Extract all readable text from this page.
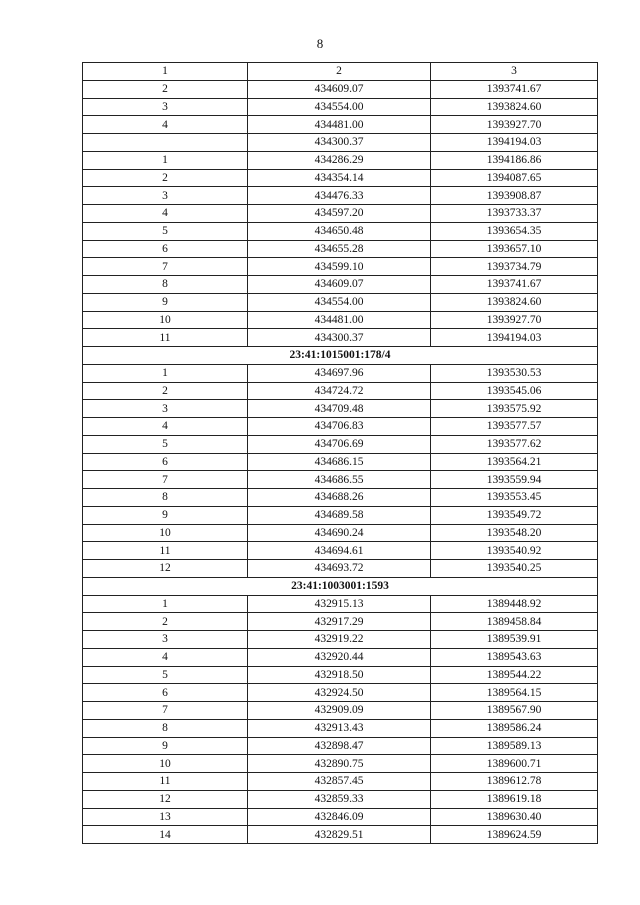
8
1	2	3
2	434609.07	1393741.67
3	434554.00	1393824.60
4	434481.00	1393927.70
	434300.37	1394194.03
1	434286.29	1394186.86
2	434354.14	1394087.65
3	434476.33	1393908.87
4	434597.20	1393733.37
5	434650.48	1393654.35
6	434655.28	1393657.10
7	434599.10	1393734.79
8	434609.07	1393741.67
9	434554.00	1393824.60
10	434481.00	1393927.70
11	434300.37	1394194.03
23:41:1015001:178/4		
1	434697.96	1393530.53
2	434724.72	1393545.06
3	434709.48	1393575.92
4	434706.83	1393577.57
5	434706.69	1393577.62
6	434686.15	1393564.21
7	434686.55	1393559.94
8	434688.26	1393553.45
9	434689.58	1393549.72
10	434690.24	1393548.20
11	434694.61	1393540.92
12	434693.72	1393540.25
23:41:1003001:1593		
1	432915.13	1389448.92
2	432917.29	1389458.84
3	432919.22	1389539.91
4	432920.44	1389543.63
5	432918.50	1389544.22
6	432924.50	1389564.15
7	432909.09	1389567.90
8	432913.43	1389586.24
9	432898.47	1389589.13
10	432890.75	1389600.71
11	432857.45	1389612.78
12	432859.33	1389619.18
13	432846.09	1389630.40
14	432829.51	1389624.59
